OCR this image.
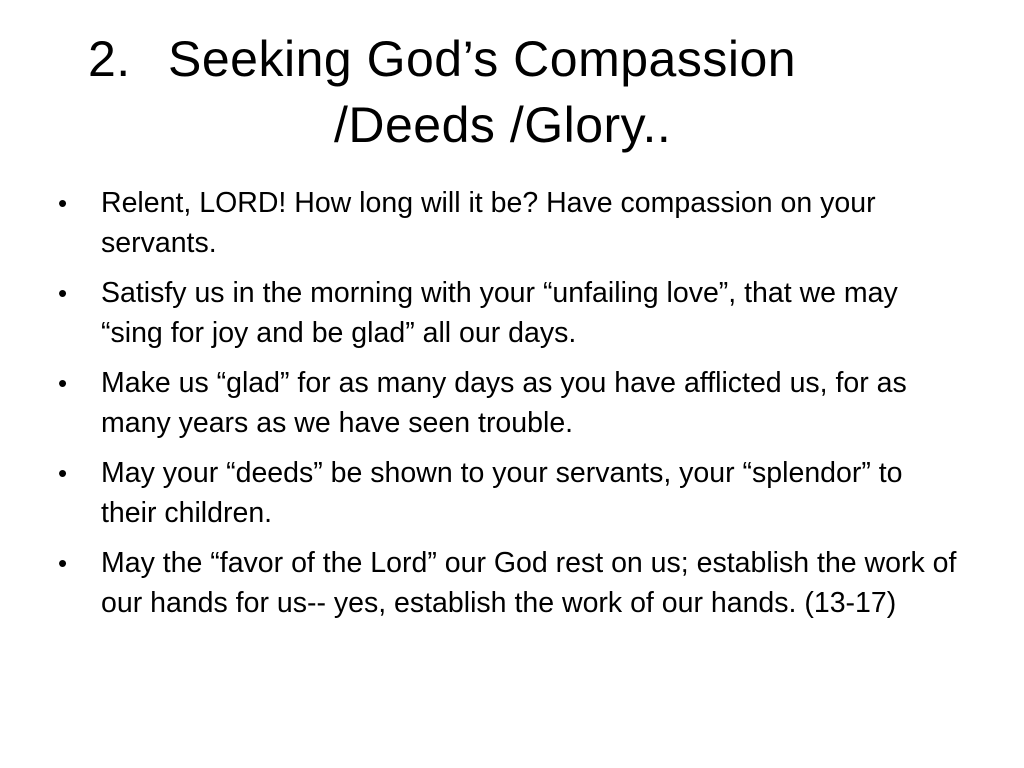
2. Seeking God’s Compassion
/Deeds /Glory..
• Relent, LORD! How long will it be? Have compassion on your servants.
• Satisfy us in the morning with your “unfailing love”, that we may “sing for joy and be glad” all our days.
• Make us “glad” for as many days as you have afflicted us, for as many years as we have seen trouble.
• May your “deeds” be shown to your servants, your “splendor” to their children.
• May the “favor of the Lord” our God rest on us; establish the work of our hands for us-- yes, establish the work of our hands. (13-17)
